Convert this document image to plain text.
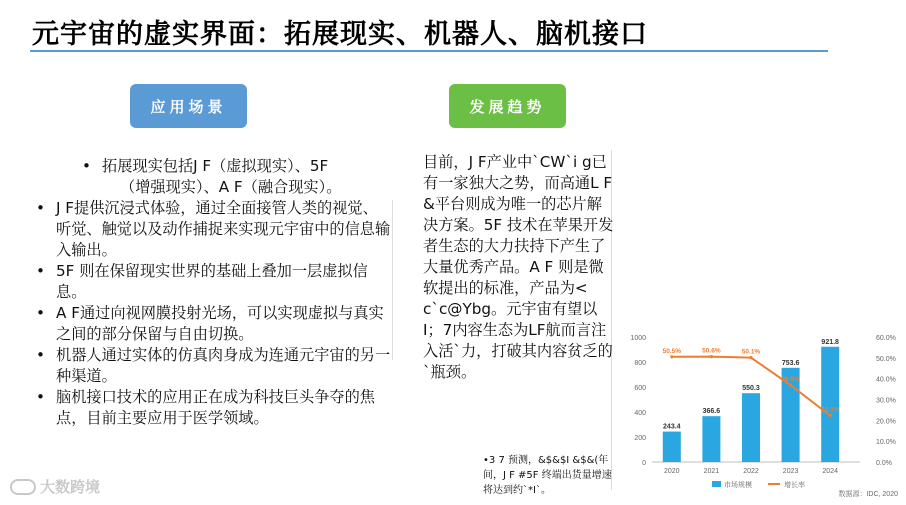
元宇宙的虚实界面：拓展现实、机器人、脑机接口
应用场景	发展趋势

• 拓展现实包括J F（虚拟现实）、5F
（增强现实）、A F（融合现实）。

• J F提供沉浸式体验，通过全面接管人类的视觉、听觉、触觉以及动作捕捉来实现元宇宙中的信息输入输出。

• 5F 则在保留现实世界的基础上叠加一层虚拟信息。

• A F通过向视网膜投射光场，可以实现虚拟与真实之间的部分保留与自由切换。

• 机器人通过实体的仿真肉身成为连通元宇宙的另一种渠道。

• 脑机接口技术的应用正在成为科技巨头争夺的焦点，目前主要应用于医学领域。

目前，J F产业中`CW`i g已有一家独大之势，而高通L F &平台则成为唯一的芯片解决方案。5F 技术在苹果开发者生态的大力扶持下产生了大量优秀产品。A F 则是微软提出的标准，产品为< c`c@Ybg。元宇宙有望以I；7内容生态为LF航而言注入活`力，打破其内容贫乏的`瓶颈。
•3 7 预测，&$&$I &$&(年间，J F #5F 终端出货量增速将达到约`*I`。
0
200
400
600
800
1000
0.0%
10.0%
20.0%
30.0%
40.0%
50.0%
60.0%
243.4
2020
366.6
2021
550.3
2022
753.6
2023
921.8
2024
50.5%	50.6%	50.1%
36.9%
22.3%
市场规模	增长率
数据源：IDC, 2020
大数跨境
